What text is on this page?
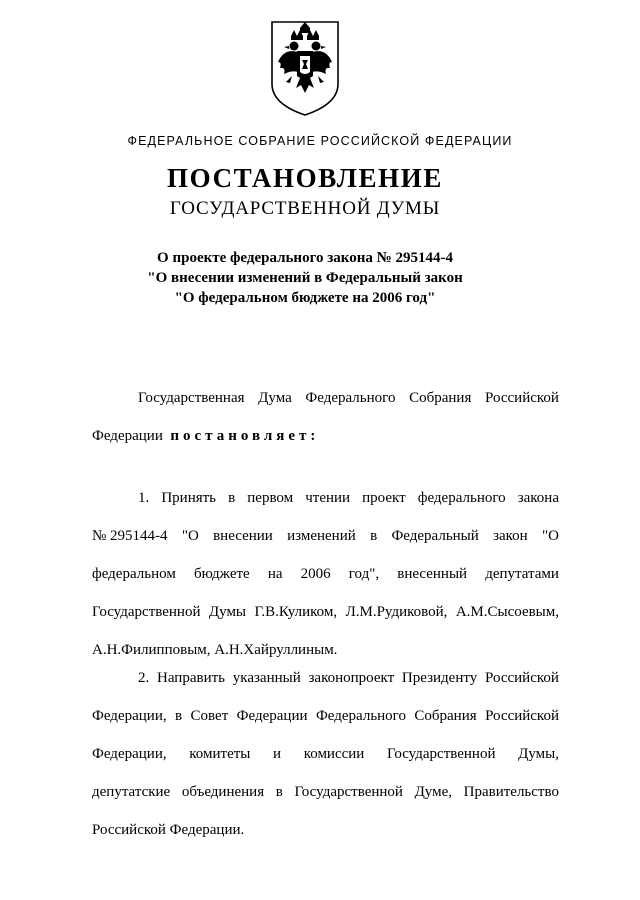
ФЕДЕРАЛЬНОЕ СОБРАНИЕ РОССИЙСКОЙ ФЕДЕРАЦИИ
ПОСТАНОВЛЕНИЕ
ГОСУДАРСТВЕННОЙ ДУМЫ
О проекте федерального закона № 295144-4
"О внесении изменений в Федеральный закон
"О федеральном бюджете на 2006 год"
Государственная Дума Федерального Собрания Российской
Федерации
постановляет:
1. Принять в первом чтении проект федерального закона
№ 295144-4 "О внесении изменений в Федеральный закон "О
федеральном бюджете на 2006 год", внесенный депутатами
Государственной Думы Г.В.Куликом, Л.М.Рудиковой, А.М.Сысоевым,
А.Н.Филипповым, А.Н.Хайруллиным.
2. Направить указанный законопроект Президенту Российской
Федерации, в Совет Федерации Федерального Собрания Российской
Федерации, комитеты и комиссии Государственной Думы,
депутатские объединения в Государственной Думе, Правительство
Российской Федерации.
